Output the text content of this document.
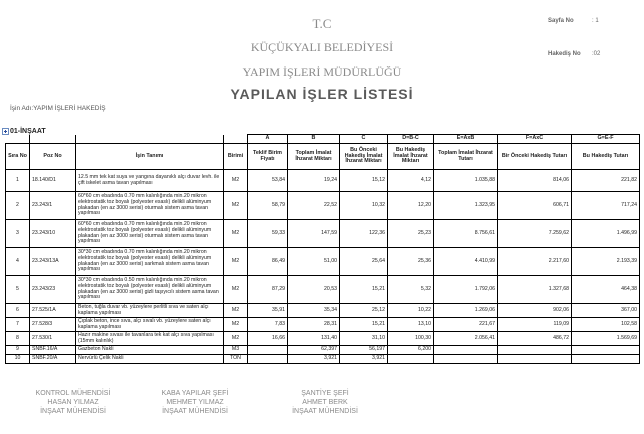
T.C
KÜÇÜKYALI BELEDİYESİ
YAPIM İŞLERİ MÜDÜRLÜĞÜ
YAPILAN İŞLER LİSTESİ
Sayfa No	: 1
Hakediş No :02
İşin Adı:YAPIM İŞLERİ HAKEDİŞ
01-İNŞAAT
				A	B	C	D=B-C	E=AxB	F=AxC	G=E-F
Sıra No	Poz No	İşin Tanımı	Birimi	Teklif Birim Fiyatı	Toplam İmalat İhzarat Miktarı	Bu Önceki Hakediş İmalat İhzarat Miktarı	Bu Hakediş İmalat İhzarat Miktarı	Toplam İmalat İhzarat Tutarı	Bir Önceki Hakediş Tutarı	Bu Hakediş Tutarı
1	18.140/D1	12.5 mm tek kat suya ve yangına dayanıklı alçı duvar levh. ile çift iskelet asma tavan yapılması	M2	53,84	19,24	15,12	4,12	1.035,88	814,06	221,82
2	23.243/1	60*60 cm ebadında 0.70 mm kalınlığında min.20 mikron elektrostatik toz boyalı (polyester esaslı) delikli alüminyum plakadan (en az 3000 serisi) oturmalı sistem asma tavan yapılması	M2	58,79	22,52	10,32	12,20	1.323,95	606,71	717,24
3	23.243/10	60*60 cm ebadında 0.70 mm kalınlığında min.20 mikron elektrostatik toz boyalı (polyester esaslı) delikli alüminyum plakadan (en az 3000 serisi) oturmalı sistem asma tavan yapılması	M2	59,33	147,59	122,36	25,23	8.756,61	7.259,62	1.496,99
4	23.243/13A	30*30 cm ebadında 0.70 mm kalınlığında min.20 mikron elektrostatik toz boyalı (polyester esaslı) delikli alüminyum plakadan (en az 3000 serisi) sarkmalı sistem asma tavan yapılması	M2	86,49	51,00	25,64	25,36	4.410,99	2.217,60	2.193,39
5	23.243/23	30*30 cm ebadında 0.50 mm kalınlığında min.20 mikron elektrostatik toz boyalı (polyester esaslı) delikli alüminyum plakadan (en az 3000 serisi) gizli taşıyıcılı sistem asma tavan yapılması	M2	87,29	20,53	15,21	5,32	1.792,06	1.327,68	464,38
6	27.525/1A	Beton, tuğla duvar vb. yüzeylere perlitli sıva ve saten alçı kaplama yapılması	M2	35,91	35,34	25,12	10,22	1.269,06	902,06	367,00
7	27.528/3	Çıplak beton, ince sıva, alçı sıvalı vb. yüzeylere saten alçı kaplama yapılması	M2	7,83	28,31	15,21	13,10	221,67	119,09	102,58
8	27.530/1	Hazır makine sıvası ile tavanlara tek kat alçı sıva yapılması (15mm kalınlık)	M2	16,66	131,40	31,10	100,30	2.056,41	486,72	1.569,69
9	SNBF.16/A	Gazbeton Nakli	M3		62,397	56,197	6,200			
10	SNBF.20/A	Nervürlü Çelik Nakli	TON		3,921	3,921				
KONTROL MÜHENDİSİ
HASAN YILMAZ
İNŞAAT MÜHENDİSİ
KABA YAPILAR ŞEFİ
MEHMET YILMAZ
İNŞAAT MÜHENDİSİ
ŞANTİYE ŞEFİ
AHMET BERK
İNŞAAT MÜHENDİSİ
